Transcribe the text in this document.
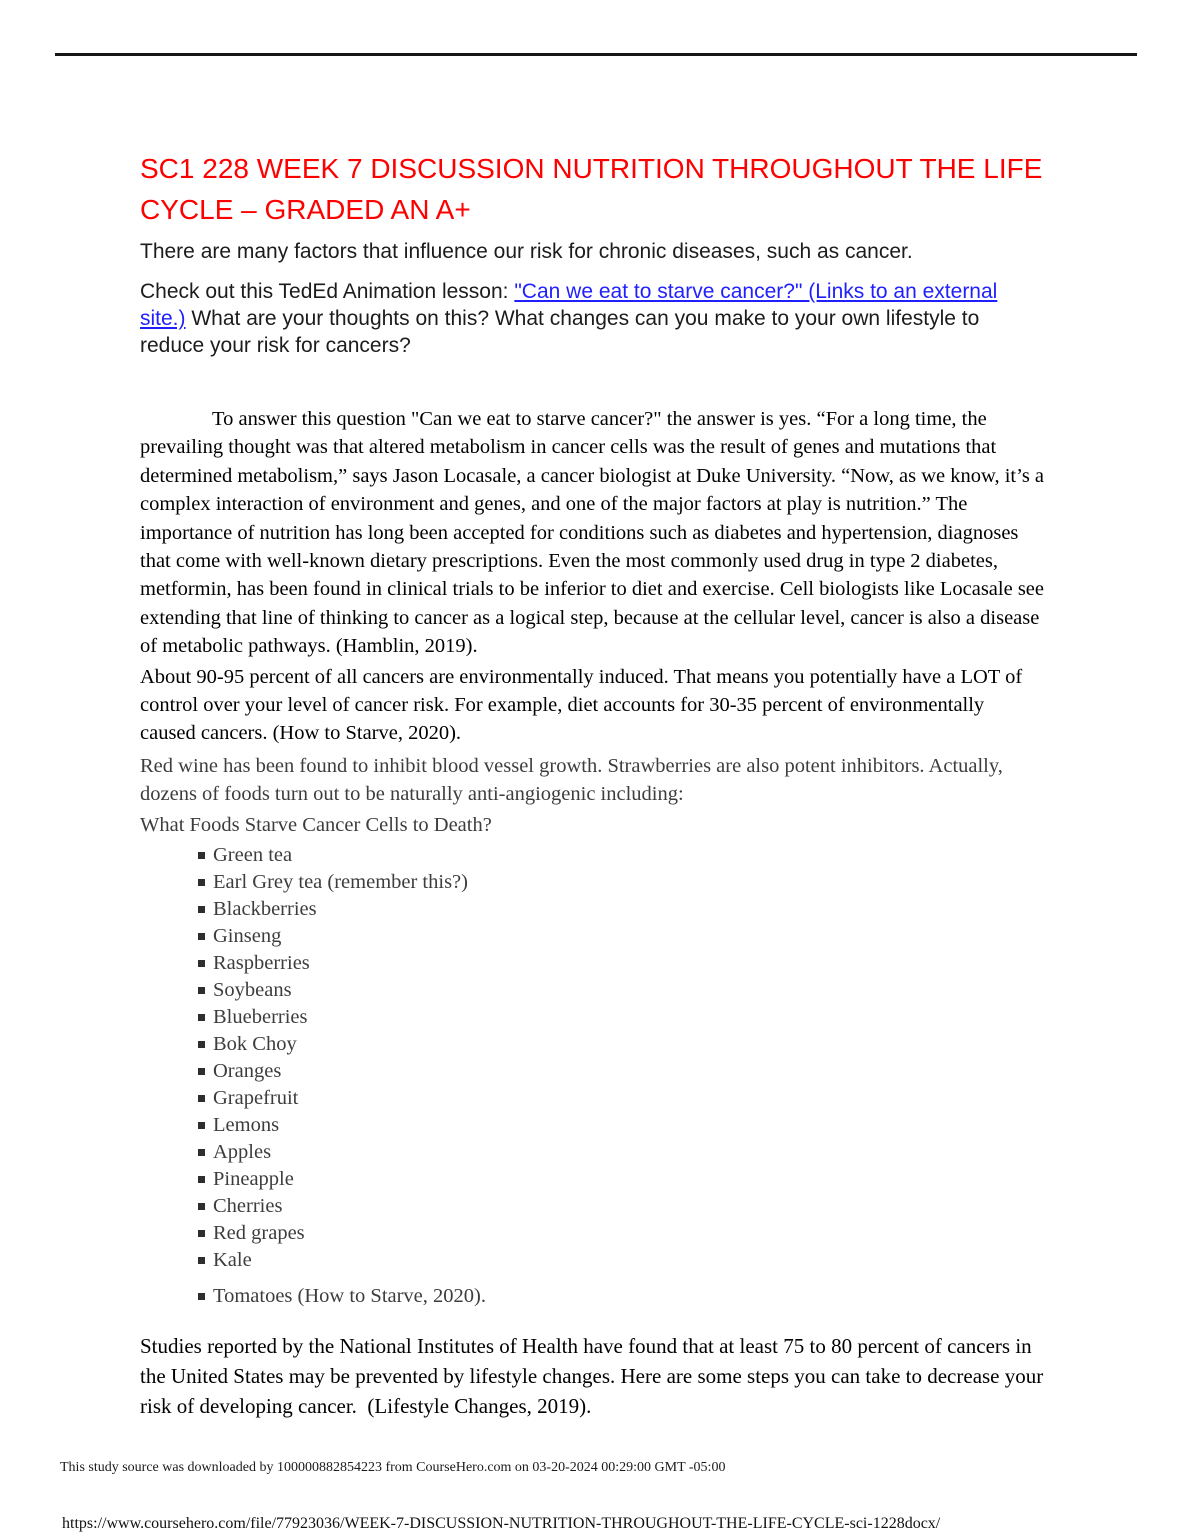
SC1 228 WEEK 7 DISCUSSION NUTRITION THROUGHOUT THE LIFE
CYCLE – GRADED AN A+

There are many factors that influence our risk for chronic diseases, such as cancer.

Check out this TedEd Animation lesson: "Can we eat to starve cancer?" (Links to an external site.) What are your thoughts on this? What changes can you make to your own lifestyle to reduce your risk for cancers?

To answer this question "Can we eat to starve cancer?" the answer is yes. “For a long time, the prevailing thought was that altered metabolism in cancer cells was the result of genes and mutations that determined metabolism,” says Jason Locasale, a cancer biologist at Duke University. “Now, as we know, it’s a complex interaction of environment and genes, and one of the major factors at play is nutrition.” The importance of nutrition has long been accepted for conditions such as diabetes and hypertension, diagnoses that come with well-known dietary prescriptions. Even the most commonly used drug in type 2 diabetes, metformin, has been found in clinical trials to be inferior to diet and exercise. Cell biologists like Locasale see extending that line of thinking to cancer as a logical step, because at the cellular level, cancer is also a disease of metabolic pathways. (Hamblin, 2019).

About 90-95 percent of all cancers are environmentally induced. That means you potentially have a LOT of control over your level of cancer risk. For example, diet accounts for 30-35 percent of environmentally caused cancers. (How to Starve, 2020).

Red wine has been found to inhibit blood vessel growth. Strawberries are also potent inhibitors. Actually, dozens of foods turn out to be naturally anti-angiogenic including:

What Foods Starve Cancer Cells to Death?

Green tea
Earl Grey tea (remember this?)
Blackberries
Ginseng
Raspberries
Soybeans
Blueberries
Bok Choy
Oranges
Grapefruit
Lemons
Apples
Pineapple
Cherries
Red grapes
Kale
Tomatoes (How to Starve, 2020).

Studies reported by the National Institutes of Health have found that at least 75 to 80 percent of cancers in the United States may be prevented by lifestyle changes. Here are some steps you can take to decrease your risk of developing cancer.  (Lifestyle Changes, 2019).

This study source was downloaded by 100000882854223 from CourseHero.com on 03-20-2024 00:29:00 GMT -05:00
https://www.coursehero.com/file/77923036/WEEK-7-DISCUSSION-NUTRITION-THROUGHOUT-THE-LIFE-CYCLE-sci-1228docx/
